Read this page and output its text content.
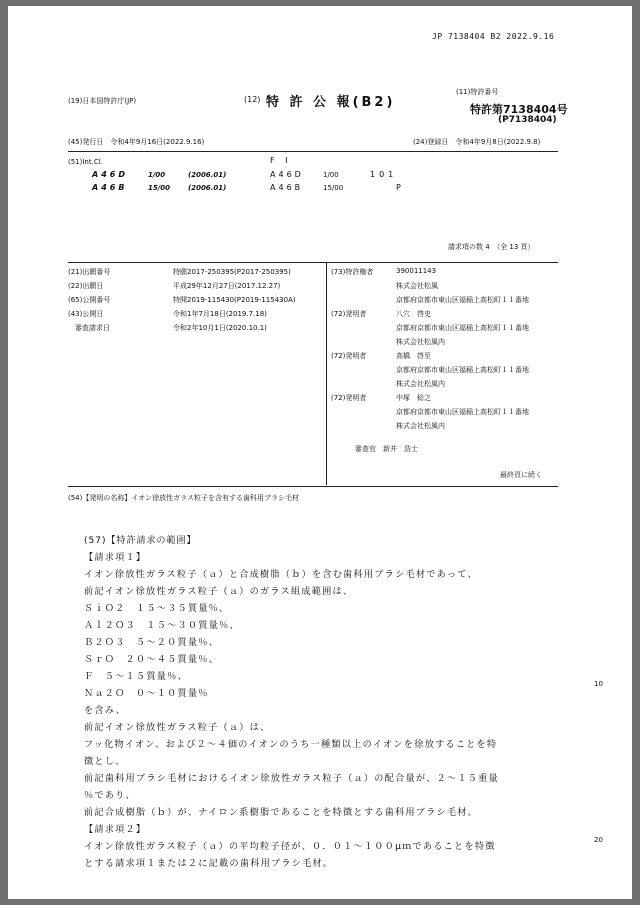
JP 7138404 B2 2022.9.16
(19)日本国特許庁(JP)	(12) 特 許 公 報(B2)
(11)特許番号
特許第7138404号
(P7138404)
(45)発行日　令和4年9月16日(2022.9.16)	(24)登録日　令和4年9月8日(2022.9.8)
(51)Int.Cl.	F I
A46D	1/00	(2006.01)	A46D	1/00	101
A46B	15/00	(2006.01)	A46B	15/00	P
請求項の数 4　（全 13 頁）
(21)出願番号	特願2017-250395(P2017-250395)
(22)出願日	平成29年12月27日(2017.12.27)
(65)公開番号	特開2019-115430(P2019-115430A)
(43)公開日	令和1年7月18日(2019.7.18)
　審査請求日	令和2年10月1日(2020.10.1)
(73)特許権者	390011143
株式会社松風
京都府京都市東山区福稲上高松町１１番地
(72)発明者	八穴　啓史
京都府京都市東山区福稲上高松町１１番地
株式会社松風内
(72)発明者	高橋　啓至
京都府京都市東山区福稲上高松町１１番地
株式会社松風内
(72)発明者	中塚　稔之
京都府京都市東山区福稲上高松町１１番地
株式会社松風内
審査官　新井　浩士
最終頁に続く
(54)【発明の名称】イオン徐放性ガラス粒子を含有する歯科用ブラシ毛材
(57)【特許請求の範囲】
【請求項１】
イオン徐放性ガラス粒子（ａ）と合成樹脂（ｂ）を含む歯科用ブラシ毛材であって、
前記イオン徐放性ガラス粒子（ａ）のガラス組成範囲は、
ＳｉＯ２　１５～３５質量％、
Ａｌ２Ｏ３　１５～３０質量％、
Ｂ２Ｏ３　５～２０質量％、
ＳｒＯ　２０～４５質量％、
Ｆ　５～１５質量％、
Ｎａ２Ｏ　０～１０質量％
を含み、
前記イオン徐放性ガラス粒子（ａ）は、
フッ化物イオン、および２～４価のイオンのうち一種類以上のイオンを徐放することを特
徴とし、
前記歯科用ブラシ毛材におけるイオン徐放性ガラス粒子（ａ）の配合量が、２～１５重量
％であり、
前記合成樹脂（ｂ）が、ナイロン系樹脂であることを特徴とする歯科用ブラシ毛材。
【請求項２】
イオン徐放性ガラス粒子（ａ）の平均粒子径が、０．０１～１００μｍであることを特徴
とする請求項１または２に記載の歯科用ブラシ毛材。
10
20
